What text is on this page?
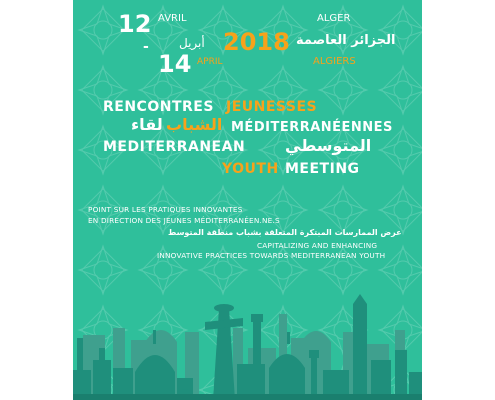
12 AVRIL
-	أبريل
14 APRIL
2018
ALGER
الجزائر العاصمة
ALGIERS
RENCONTRES JEUNESSES
لقاء الشباب MÉDITERRANÉENNES
MEDITERRANEAN المتوسطي
YOUTH MEETING
POINT SUR LES PRATIQUES INNOVANTES
EN DIRECTION DES JEUNES MÉDITERRANÉEN.NE.S
عرض الممارسات المبتكرة المتعلقة بشباب منطقة المتوسط
CAPITALIZING AND ENHANCING
INNOVATIVE PRACTICES TOWARDS MEDITERRANEAN YOUTH
